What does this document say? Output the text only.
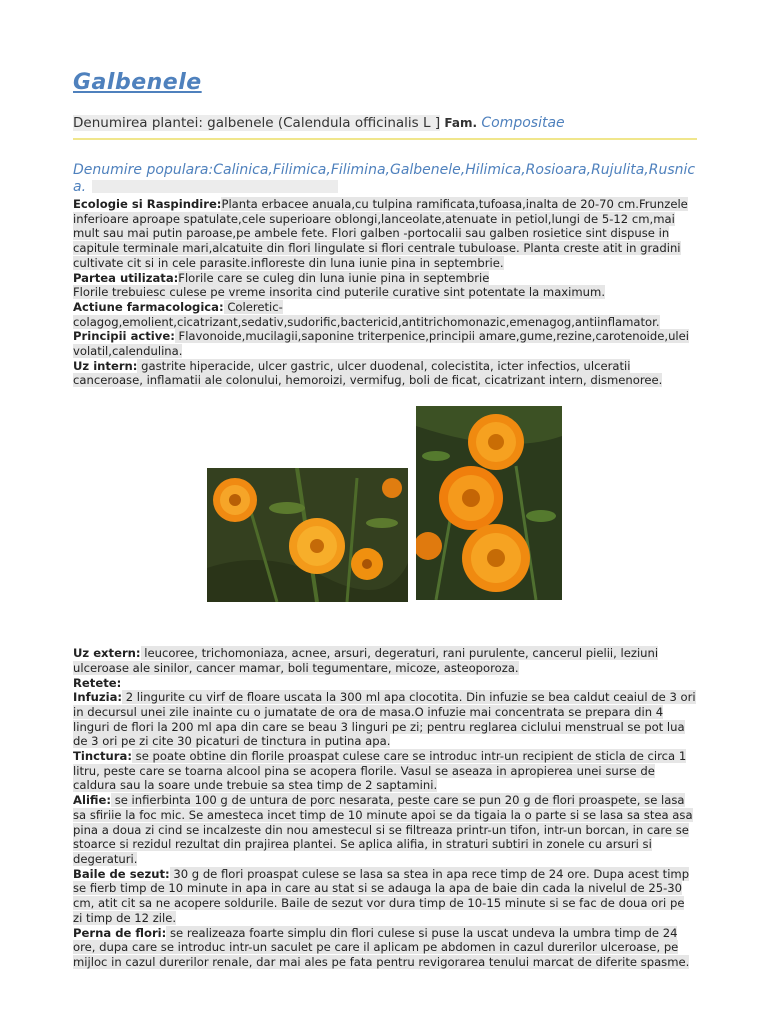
Galbenele
Denumirea plantei: galbenele (Calendula officinalis L ] Fam. Compositae
Denumire populara:Calinica,Filimica,Filimina,Galbenele,Hilimica,Rosioara,Rujulita,Rusnica.

Ecologie si Raspindire:Planta erbacee anuala,cu tulpina ramificata,tufoasa,inalta de 20-70 cm.Frunzele inferioare aproape spatulate,cele superioare oblongi,lanceolate,atenuate in petiol,lungi de 5-12 cm,mai mult sau mai putin paroase,pe ambele fete. Flori galben -portocalii sau galben rosietice sint dispuse in capitule terminale mari,alcatuite din flori lingulate si flori centrale tubuloase. Planta creste atit in gradini cultivate cit si in cele parasite.infloreste din luna iunie pina in septembrie.

Partea utilizata:Florile care se culeg din luna iunie pina in septembrie

Florile trebuiesc culese pe vreme insorita cind puterile curative sint potentate la maximum.

Actiune farmacologica: Coleretic-colagog,emolient,cicatrizant,sedativ,sudorific,bactericid,antitrichomonazic,emenagog,antiinflamator.

Principii active: Flavonoide,mucilagii,saponine triterpenice,principii amare,gume,rezine,carotenoide,ulei volatil,calendulina.

Uz intern: gastrite hiperacide, ulcer gastric, ulcer duodenal, colecistita, icter infectios, ulceratii canceroase, inflamatii ale colonului, hemoroizi, vermifug, boli de ficat, cicatrizant intern, dismenoree.

Uz extern: leucoree, trichomoniaza, acnee, arsuri, degeraturi, rani purulente, cancerul pielii, leziuni ulceroase ale sinilor, cancer mamar, boli tegumentare, micoze, asteoporoza.

Retete:

Infuzia: 2 lingurite cu virf de floare uscata la 300 ml apa clocotita. Din infuzie se bea caldut ceaiul de 3 ori in decursul unei zile inainte cu o jumatate de ora de masa.O infuzie mai concentrata se prepara din 4 linguri de flori la 200 ml apa din care se beau 3 linguri pe zi; pentru reglarea ciclului menstrual se pot lua de 3 ori pe zi cite 30 picaturi de tinctura in putina apa.

Tinctura: se poate obtine din florile proaspat culese care se introduc intr-un recipient de sticla de circa 1 litru, peste care se toarna alcool pina se acopera florile. Vasul se aseaza in apropierea unei surse de caldura sau la soare unde trebuie sa stea timp de 2 saptamini.

Alifie: se infierbinta 100 g de untura de porc nesarata, peste care se pun 20 g de flori proaspete, se lasa sa sfiriie la foc mic. Se amesteca incet timp de 10 minute apoi se da tigaia la o parte si se lasa sa stea asa pina a doua zi cind se incalzeste din nou amestecul si se filtreaza printr-un tifon, intr-un borcan, in care se stoarce si rezidul rezultat din prajirea plantei. Se aplica alifia, in straturi subtiri in zonele cu arsuri si degeraturi.

Baile de sezut: 30 g de flori proaspat culese se lasa sa stea in apa rece timp de 24 ore. Dupa acest timp se fierb timp de 10 minute in apa in care au stat si se adauga la apa de baie din cada la nivelul de 25-30 cm, atit cit sa ne acopere soldurile. Baile de sezut vor dura timp de 10-15 minute si se fac de doua ori pe zi timp de 12 zile.

Perna de flori: se realizeaza foarte simplu din flori culese si puse la uscat undeva la umbra timp de 24 ore, dupa care se introduc intr-un saculet pe care il aplicam pe abdomen in cazul durerilor ulceroase, pe mijloc in cazul durerilor renale, dar mai ales pe fata pentru revigorarea tenului marcat de diferite spasme.
